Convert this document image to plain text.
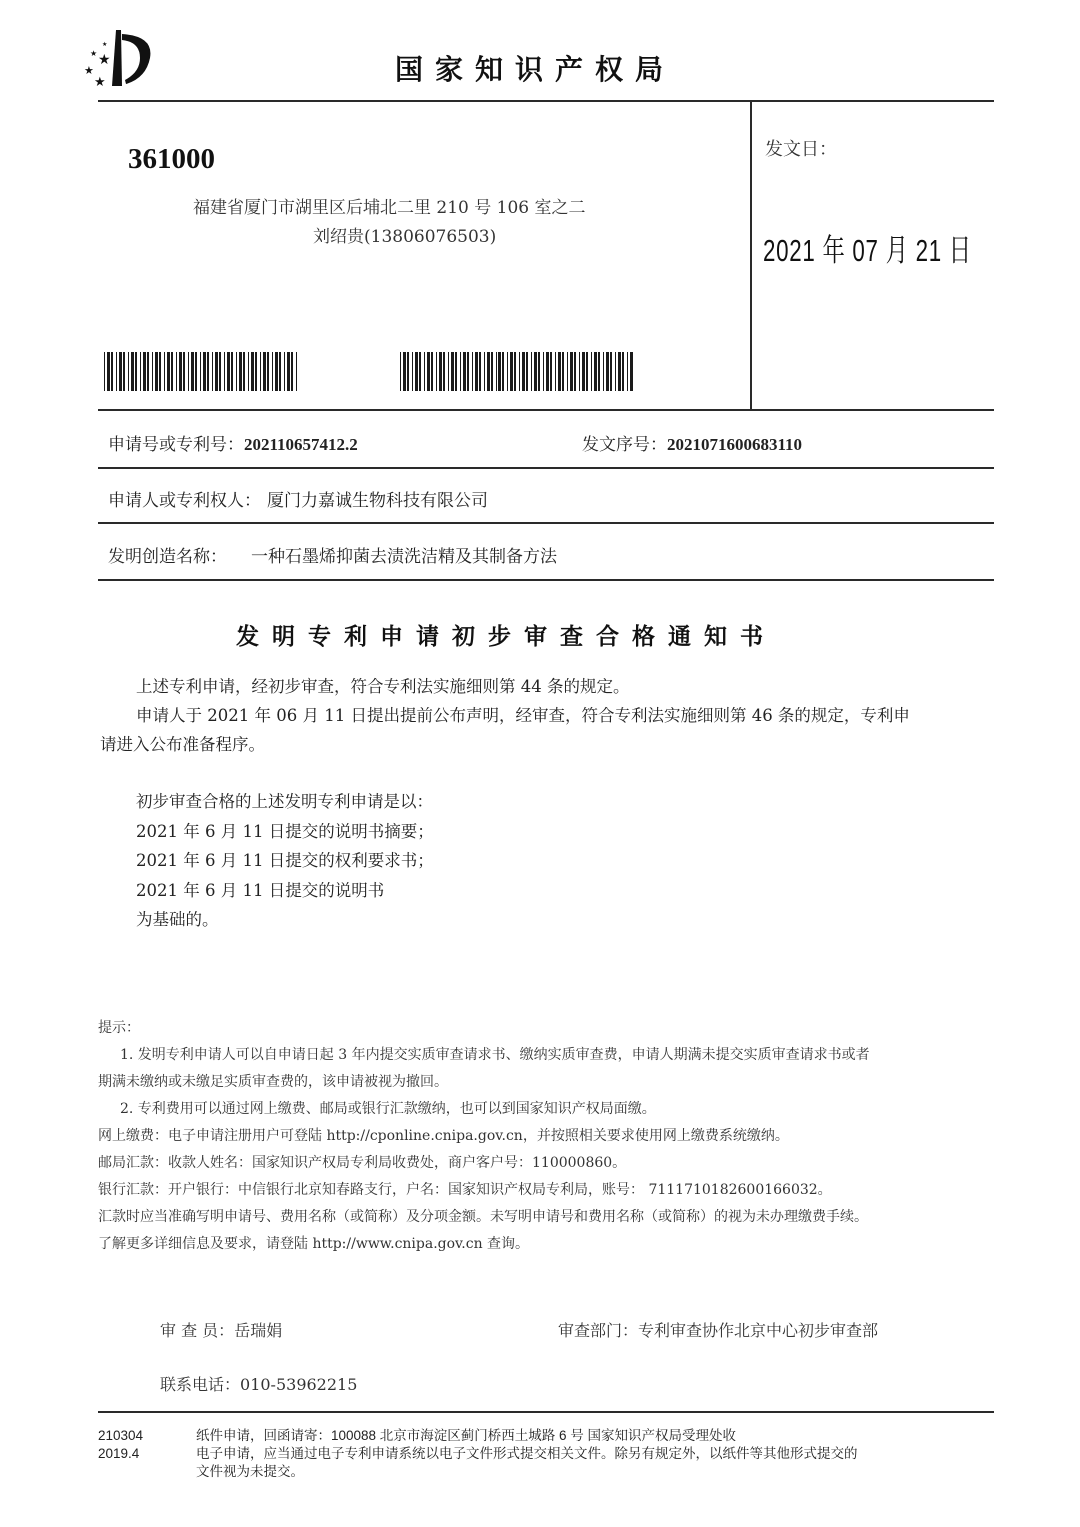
★
★
★
★
★
国家知识产权局
361000
福建省厦门市湖里区后埔北二里 210 号 106 室之二
刘绍贵(13806076503)
发文日：
2021 年 07 月 21 日
申请号或专利号：202110657412.2	发文序号：2021071600683110
申请人或专利权人： 厦门力嘉诚生物科技有限公司
发明创造名称： 一种石墨烯抑菌去渍洗洁精及其制备方法
发明专利申请初步审查合格通知书
上述专利申请，经初步审查，符合专利法实施细则第 44 条的规定。
申请人于 2021 年 06 月 11 日提出提前公布声明，经审查，符合专利法实施细则第 46 条的规定，专利申
请进入公布准备程序。
初步审查合格的上述发明专利申请是以：
2021 年 6 月 11 日提交的说明书摘要；
2021 年 6 月 11 日提交的权利要求书；
2021 年 6 月 11 日提交的说明书
为基础的。
提示：
1. 发明专利申请人可以自申请日起 3 年内提交实质审查请求书、缴纳实质审查费，申请人期满未提交实质审查请求书或者
期满未缴纳或未缴足实质审查费的，该申请被视为撤回。
2. 专利费用可以通过网上缴费、邮局或银行汇款缴纳，也可以到国家知识产权局面缴。
网上缴费：电子申请注册用户可登陆 http://cponline.cnipa.gov.cn，并按照相关要求使用网上缴费系统缴纳。
邮局汇款：收款人姓名：国家知识产权局专利局收费处，商户客户号：110000860。
银行汇款：开户银行：中信银行北京知春路支行，户名：国家知识产权局专利局，账号： 7111710182600166032。
汇款时应当准确写明申请号、费用名称（或简称）及分项金额。未写明申请号和费用名称（或简称）的视为未办理缴费手续。
了解更多详细信息及要求，请登陆 http://www.cnipa.gov.cn 查询。
审 查 员：岳瑞娟	审查部门：专利审查协作北京中心初步审查部
联系电话：010-53962215
210304
2019.4
纸件申请，回函请寄：100088 北京市海淀区蓟门桥西土城路 6 号 国家知识产权局受理处收
电子申请，应当通过电子专利申请系统以电子文件形式提交相关文件。除另有规定外，以纸件等其他形式提交的
文件视为未提交。
